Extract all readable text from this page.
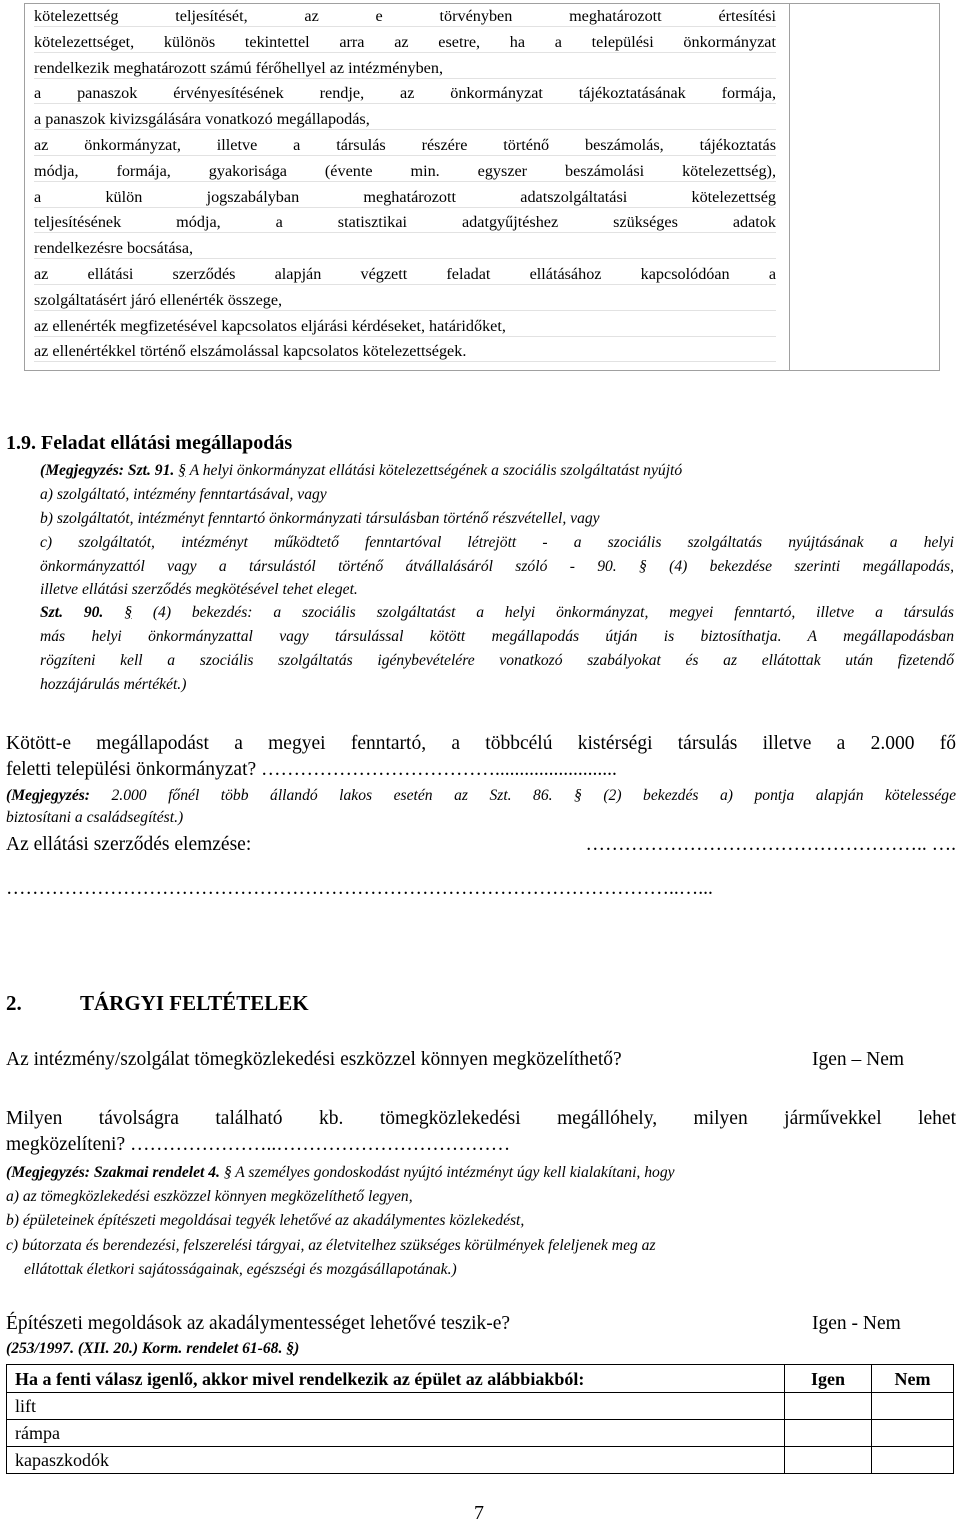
kötelezettség teljesítését, az e törvényben meghatározott értesítési
kötelezettséget, különös tekintettel arra az esetre, ha a települési önkormányzat
rendelkezik meghatározott számú férőhellyel az intézményben,
a panaszok érvényesítésének rendje, az önkormányzat tájékoztatásának formája,
a panaszok kivizsgálására vonatkozó megállapodás,
az önkormányzat, illetve a társulás részére történő beszámolás, tájékoztatás
módja, formája, gyakorisága (évente min. egyszer beszámolási kötelezettség),
a külön jogszabályban meghatározott adatszolgáltatási kötelezettség
teljesítésének módja, a statisztikai adatgyűjtéshez szükséges adatok
rendelkezésre bocsátása,
az ellátási szerződés alapján végzett feladat ellátásához kapcsolódóan a
szolgáltatásért járó ellenérték összege,
az ellenérték megfizetésével kapcsolatos eljárási kérdéseket, határidőket,
az ellenértékkel történő elszámolással kapcsolatos kötelezettségek.
1.9. Feladat ellátási megállapodás
(Megjegyzés: Szt. 91. § A helyi önkormányzat ellátási kötelezettségének a szociális szolgáltatást nyújtó
a) szolgáltató, intézmény fenntartásával, vagy
b) szolgáltatót, intézményt fenntartó önkormányzati társulásban történő részvétellel, vagy
c) szolgáltatót, intézményt működtető fenntartóval létrejött - a szociális szolgáltatás nyújtásának a helyi
önkormányzattól vagy a társulástól történő átvállalásáról szóló - 90. § (4) bekezdése szerinti megállapodás,
illetve ellátási szerződés megkötésével tehet eleget.
Szt. 90. § (4) bekezdés: a szociális szolgáltatást a helyi önkormányzat, megyei fenntartó, illetve a társulás
más helyi önkormányzattal vagy társulással kötött megállapodás útján is biztosíthatja. A megállapodásban
rögzíteni kell a szociális szolgáltatás igénybevételére vonatkozó szabályokat és az ellátottak után fizetendő
hozzájárulás mértékét.)
Kötött-e megállapodást a megyei fenntartó, a többcélú kistérségi társulás illetve a 2.000 fő
feletti települési önkormányzat? ……………………………….........................
(Megjegyzés: 2.000 főnél több állandó lakos esetén az Szt. 86. § (2) bekezdés a) pontja alapján kötelessége
biztosítani a családsegítést.)
Az ellátási szerződés elemzése:	…………………………………………….. ….
…………………………………………………………………………………………..…...
2.	TÁRGYI FELTÉTELEK
Az intézmény/szolgálat tömegközlekedési eszközzel könnyen megközelíthető?	Igen – Nem
Milyen távolságra található kb. tömegközlekedési megállóhely, milyen járművekkel lehet
megközelíteni? …………………..………………………………
(Megjegyzés: Szakmai rendelet 4. § A személyes gondoskodást nyújtó intézményt úgy kell kialakítani, hogy
a) az tömegközlekedési eszközzel könnyen megközelíthető legyen,
b) épületeinek építészeti megoldásai tegyék lehetővé az akadálymentes közlekedést,
c) bútorzata és berendezési, felszerelési tárgyai, az életvitelhez szükséges körülmények feleljenek meg az
ellátottak életkori sajátosságainak, egészségi és mozgásállapotának.)
Építészeti megoldások az akadálymentességet lehetővé teszik-e?	Igen - Nem
(253/1997. (XII. 20.) Korm. rendelet 61-68. §)
Ha a fenti válasz igenlő, akkor mivel rendelkezik az épület az alábbiakból:	Igen	Nem
lift		
rámpa		
kapaszkodók		
7
